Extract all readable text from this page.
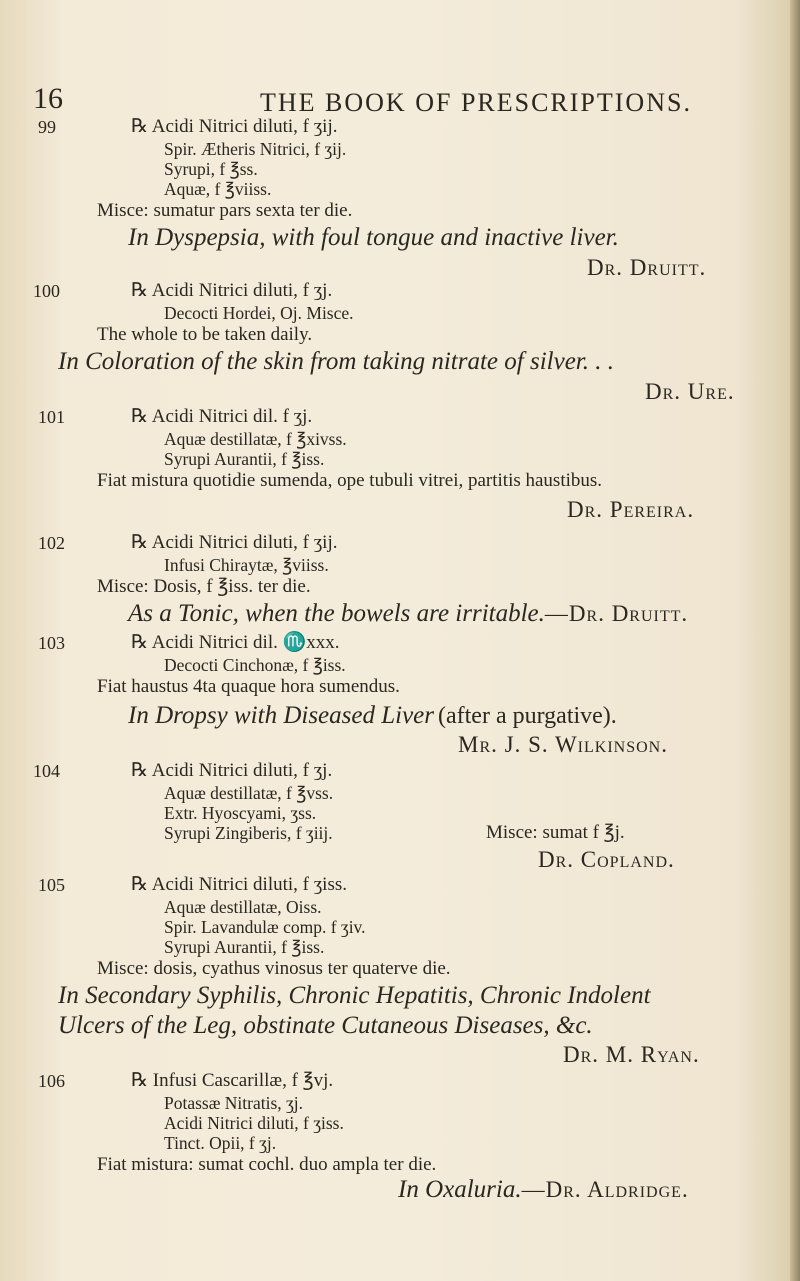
16	THE BOOK OF PRESCRIPTIONS.
99	℞ Acidi Nitrici diluti, f ʒij.
Spir. Ætheris Nitrici, f ʒij.
Syrupi, f ℥ss.
Aquæ, f ℥viiss.
Misce: sumatur pars sexta ter die.
In Dyspepsia, with foul tongue and inactive liver.
Dr. Druitt.
100	℞ Acidi Nitrici diluti, f ʒj.
Decocti Hordei, Oj. Misce.
The whole to be taken daily.
In Coloration of the skin from taking nitrate of silver. . .
Dr. Ure.
101	℞ Acidi Nitrici dil. f ʒj.
Aquæ destillatæ, f ℥xivss.
Syrupi Aurantii, f ℥iss.
Fiat mistura quotidie sumenda, ope tubuli vitrei, partitis haustibus.
Dr. Pereira.
102	℞ Acidi Nitrici diluti, f ʒij.
Infusi Chiraytæ, ℥viiss.
Misce: Dosis, f ℥iss. ter die.
As a Tonic, when the bowels are irritable.—Dr. Druitt.
103	℞ Acidi Nitrici dil. ♏xxx.
Decocti Cinchonæ, f ℥iss.
Fiat haustus 4ta quaque hora sumendus.
In Dropsy with Diseased Liver (after a purgative).
Mr. J. S. Wilkinson.
104	℞ Acidi Nitrici diluti, f ʒj.
Aquæ destillatæ, f ℥vss.
Extr. Hyoscyami, ʒss.
Syrupi Zingiberis, f ʒiij.	Misce: sumat f ℥j.
Dr. Copland.
105	℞ Acidi Nitrici diluti, f ʒiss.
Aquæ destillatæ, Oiss.
Spir. Lavandulæ comp. f ʒiv.
Syrupi Aurantii, f ℥iss.
Misce: dosis, cyathus vinosus ter quaterve die.
In Secondary Syphilis, Chronic Hepatitis, Chronic Indolent
Ulcers of the Leg, obstinate Cutaneous Diseases, &c.
Dr. M. Ryan.
106	℞ Infusi Cascarillæ, f ℥vj.
Potassæ Nitratis, ʒj.
Acidi Nitrici diluti, f ʒiss.
Tinct. Opii, f ʒj.
Fiat mistura: sumat cochl. duo ampla ter die.
In Oxaluria.—Dr. Aldridge.
